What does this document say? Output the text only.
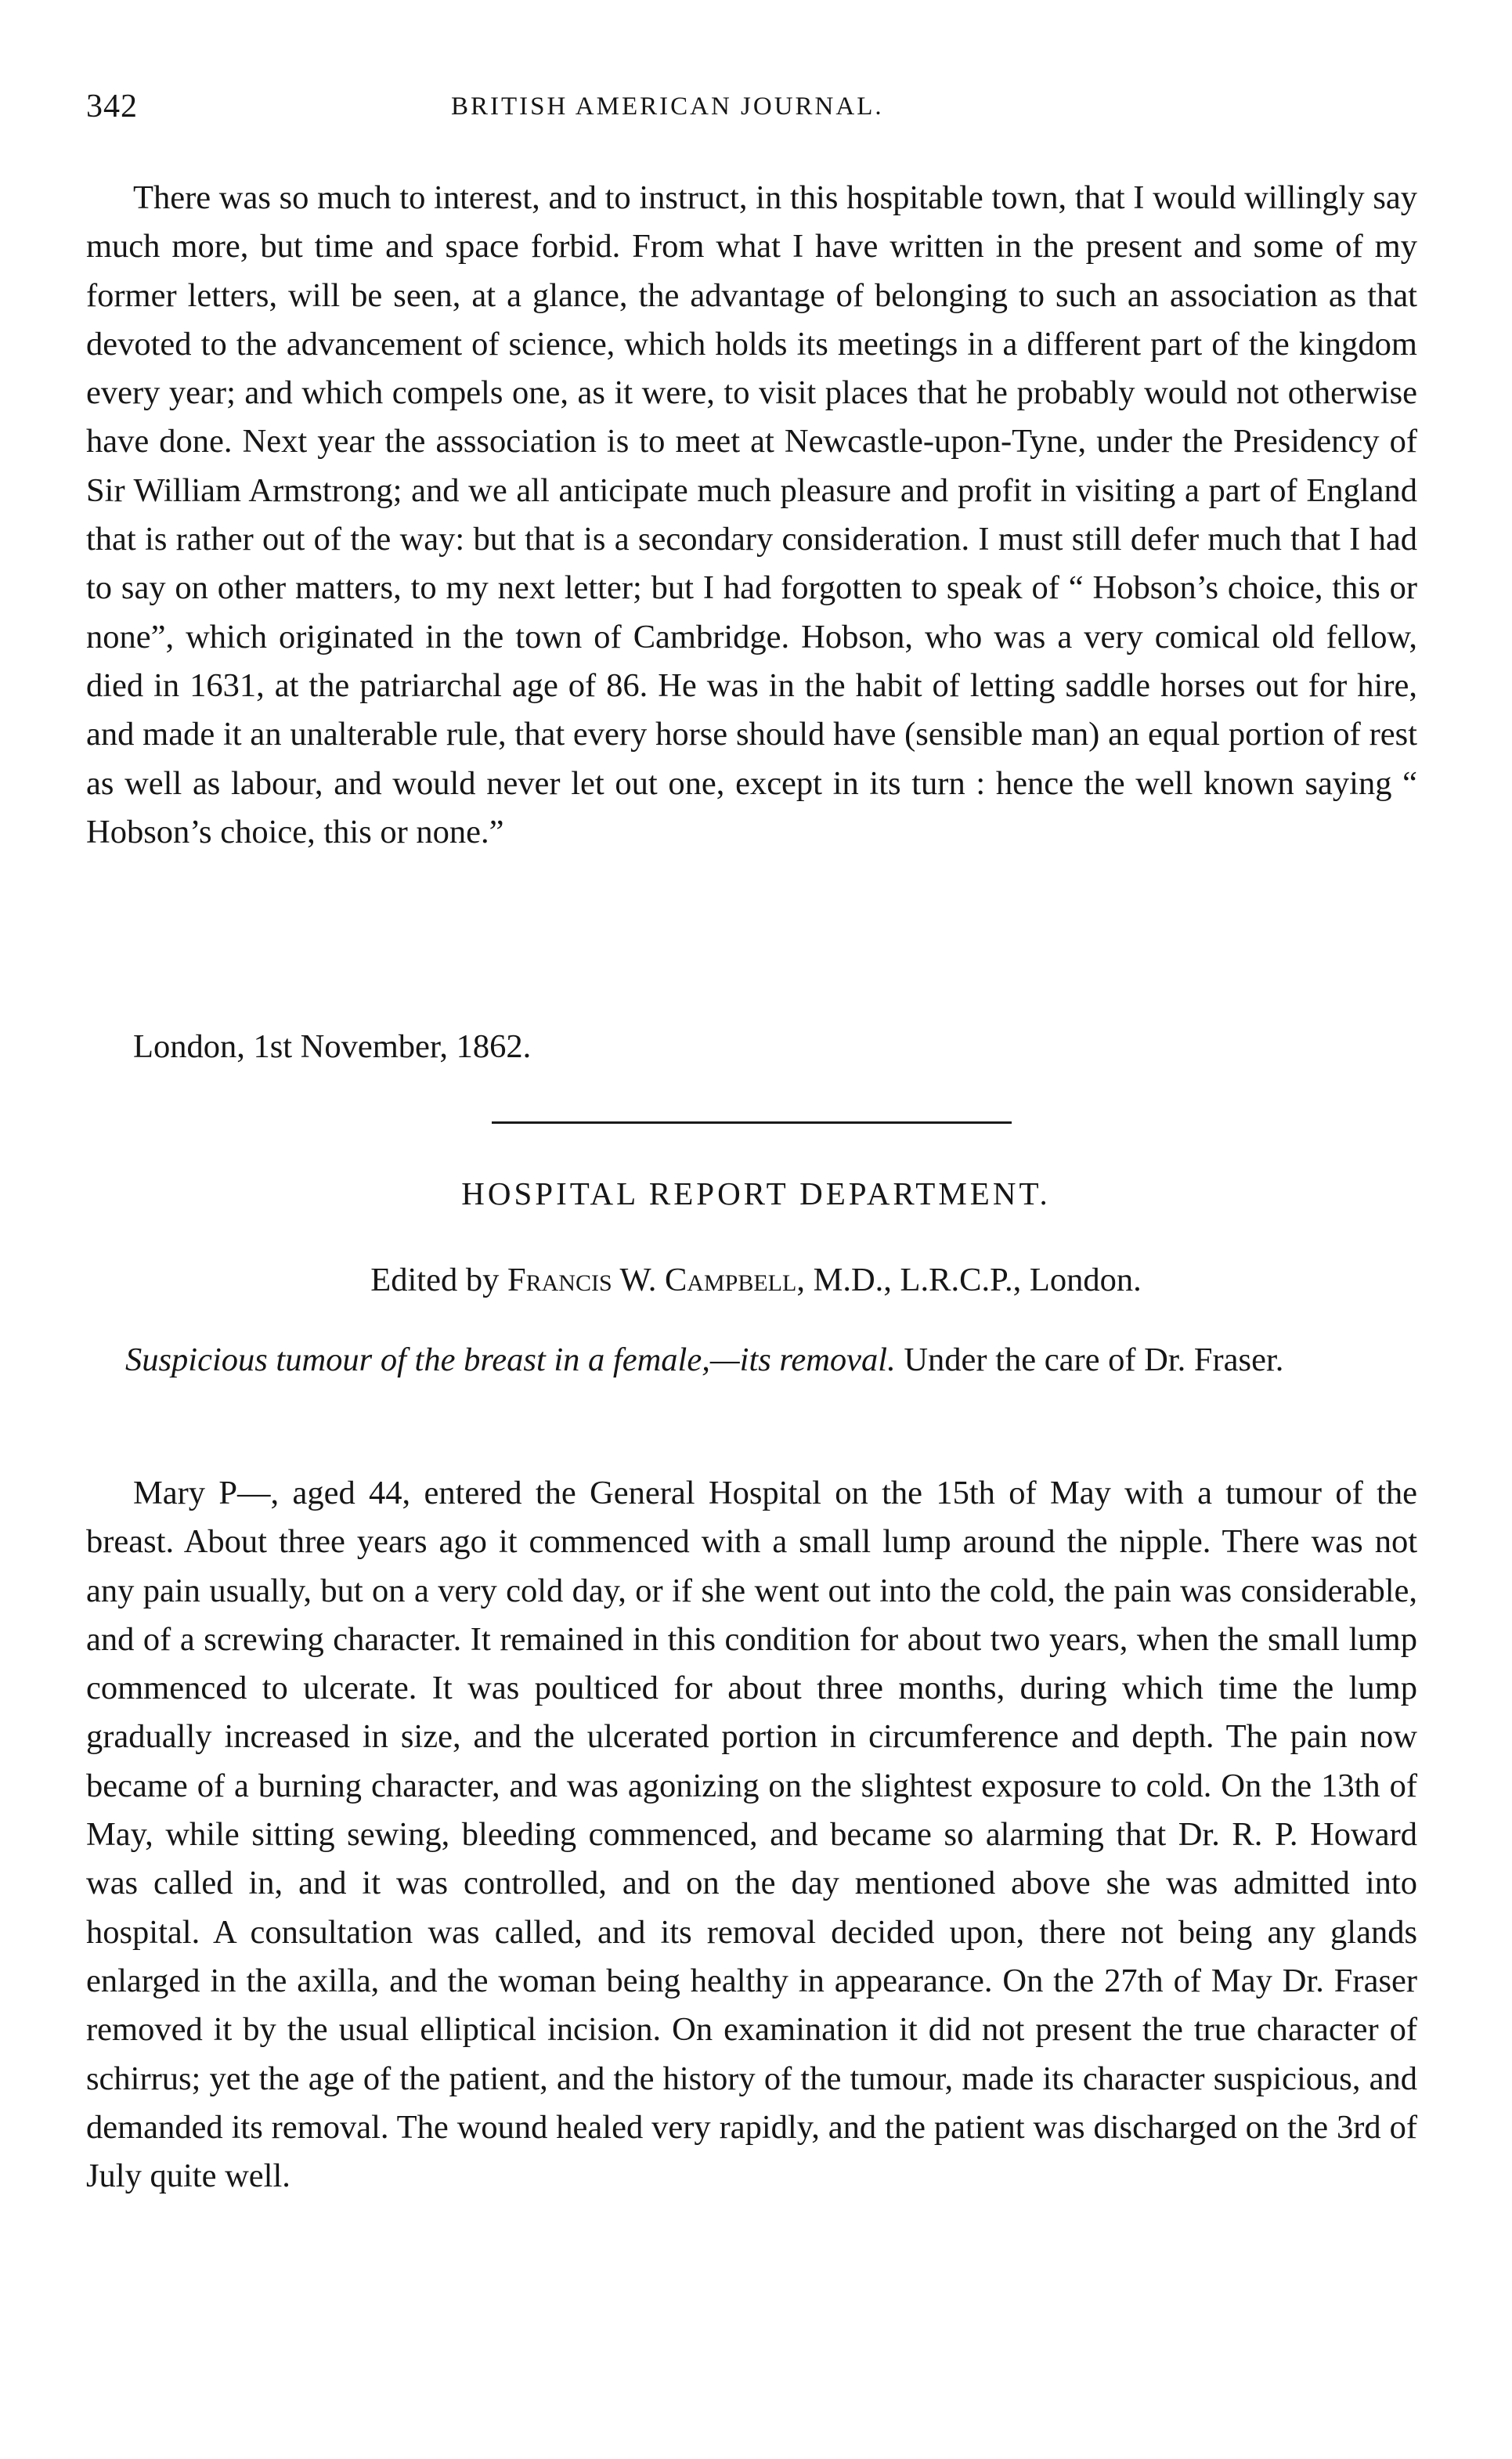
342	BRITISH AMERICAN JOURNAL.

There was so much to interest, and to instruct, in this hospitable town, that I would willingly say much more, but time and space forbid. From what I have written in the present and some of my former letters, will be seen, at a glance, the advantage of belonging to such an association as that devoted to the advancement of science, which holds its meetings in a different part of the kingdom every year; and which compels one, as it were, to visit places that he probably would not otherwise have done. Next year the asssociation is to meet at Newcastle-upon-Tyne, under the Presidency of Sir William Armstrong; and we all anticipate much pleasure and profit in visiting a part of England that is rather out of the way: but that is a secondary consideration. I must still defer much that I had to say on other matters, to my next letter; but I had forgotten to speak of “ Hobson’s choice, this or none”, which originated in the town of Cambridge. Hobson, who was a very comical old fellow, died in 1631, at the patriarchal age of 86. He was in the habit of letting saddle horses out for hire, and made it an unalterable rule, that every horse should have (sensible man) an equal portion of rest as well as labour, and would never let out one, except in its turn : hence the well known saying “ Hobson’s choice, this or none.”

London, 1st November, 1862.
HOSPITAL REPORT DEPARTMENT.
Edited by Francis W. Campbell, M.D., L.R.C.P., London.
Suspicious tumour of the breast in a female,—its removal. Under the care of Dr. Fraser.

Mary P—, aged 44, entered the General Hospital on the 15th of May with a tumour of the breast. About three years ago it commenced with a small lump around the nipple. There was not any pain usually, but on a very cold day, or if she went out into the cold, the pain was considerable, and of a screwing character. It remained in this condition for about two years, when the small lump commenced to ulcerate. It was poulticed for about three months, during which time the lump gradually increased in size, and the ulcerated portion in circumference and depth. The pain now became of a burning character, and was agonizing on the slightest exposure to cold. On the 13th of May, while sitting sewing, bleeding commenced, and became so alarming that Dr. R. P. Howard was called in, and it was controlled, and on the day mentioned above she was admitted into hospital. A consultation was called, and its removal decided upon, there not being any glands enlarged in the axilla, and the woman being healthy in appearance. On the 27th of May Dr. Fraser removed it by the usual elliptical incision. On examination it did not present the true character of schirrus; yet the age of the patient, and the history of the tumour, made its character suspicious, and demanded its removal. The wound healed very rapidly, and the patient was discharged on the 3rd of July quite well.
